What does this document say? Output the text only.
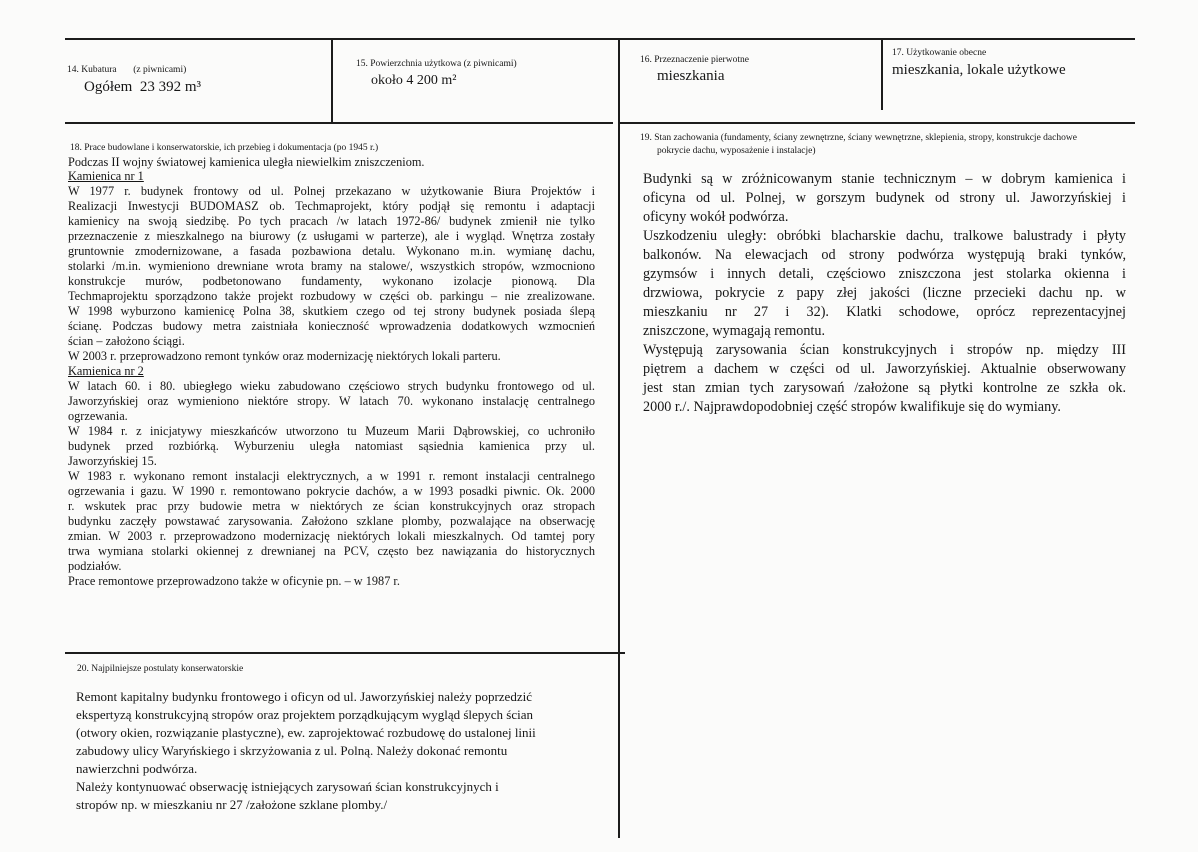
14. Kubatura (z piwnicami)
Ogółem 23 392 m³
15. Powierzchnia użytkowa (z piwnicami)
około 4 200 m²
16. Przeznaczenie pierwotne
mieszkania
17. Użytkowanie obecne
mieszkania, lokale użytkowe
18. Prace budowlane i konserwatorskie, ich przebieg i dokumentacja (po 1945 r.)
Podczas II wojny światowej kamienica uległa niewielkim zniszczeniom.
Kamienica nr 1
W 1977 r. budynek frontowy od ul. Polnej przekazano w użytkowanie Biura Projektów i
Realizacji Inwestycji BUDOMASZ ob. Techmaprojekt, który podjął się remontu i adaptacji
kamienicy na swoją siedzibę. Po tych pracach /w latach 1972-86/ budynek zmienił nie tylko
przeznaczenie z mieszkalnego na biurowy (z usługami w parterze), ale i wygląd. Wnętrza zostały
gruntownie zmodernizowane, a fasada pozbawiona detalu. Wykonano m.in. wymianę dachu,
stolarki /m.in. wymieniono drewniane wrota bramy na stalowe/, wszystkich stropów, wzmocniono
konstrukcje murów, podbetonowano fundamenty, wykonano izolacje pionową. Dla
Techmaprojektu sporządzono także projekt rozbudowy w części ob. parkingu – nie zrealizowane.
W 1998 wyburzono kamienicę Polna 38, skutkiem czego od tej strony budynek posiada ślepą
ścianę. Podczas budowy metra zaistniała konieczność wprowadzenia dodatkowych wzmocnień
ścian – założono ściągi.
W 2003 r. przeprowadzono remont tynków oraz modernizację niektórych lokali parteru.
Kamienica nr 2
W latach 60. i 80. ubiegłego wieku zabudowano częściowo strych budynku frontowego od ul.
Jaworzyńskiej oraz wymieniono niektóre stropy. W latach 70. wykonano instalację centralnego
ogrzewania.
W 1984 r. z inicjatywy mieszkańców utworzono tu Muzeum Marii Dąbrowskiej, co uchroniło
budynek przed rozbiórką. Wyburzeniu uległa natomiast sąsiednia kamienica przy ul.
Jaworzyńskiej 15.
W 1983 r. wykonano remont instalacji elektrycznych, a w 1991 r. remont instalacji centralnego
ogrzewania i gazu. W 1990 r. remontowano pokrycie dachów, a w 1993 posadki piwnic. Ok. 2000
r. wskutek prac przy budowie metra w niektórych ze ścian konstrukcyjnych oraz stropach
budynku zaczęły powstawać zarysowania. Założono szklane plomby, pozwalające na obserwację
zmian. W 2003 r. przeprowadzono modernizację niektórych lokali mieszkalnych. Od tamtej pory
trwa wymiana stolarki okiennej z drewnianej na PCV, często bez nawiązania do historycznych
podziałów.
Prace remontowe przeprowadzono także w oficynie pn. – w 1987 r.
19. Stan zachowania (fundamenty, ściany zewnętrzne, ściany wewnętrzne, sklepienia, stropy, konstrukcje dachowe
pokrycie dachu, wyposażenie i instalacje)
Budynki są w zróżnicowanym stanie technicznym – w dobrym kamienica i
oficyna od ul. Polnej, w gorszym budynek od strony ul. Jaworzyńskiej i
oficyny wokół podwórza.
Uszkodzeniu uległy: obróbki blacharskie dachu, tralkowe balustrady i płyty
balkonów. Na elewacjach od strony podwórza występują braki tynków,
gzymsów i innych detali, częściowo zniszczona jest stolarka okienna i
drzwiowa, pokrycie z papy złej jakości (liczne przecieki dachu np. w
mieszkaniu nr 27 i 32). Klatki schodowe, oprócz reprezentacyjnej
zniszczone, wymagają remontu.
Występują zarysowania ścian konstrukcyjnych i stropów np. między III
piętrem a dachem w części od ul. Jaworzyńskiej. Aktualnie obserwowany
jest stan zmian tych zarysowań /założone są płytki kontrolne ze szkła ok.
2000 r./. Najprawdopodobniej część stropów kwalifikuje się do wymiany.
20. Najpilniejsze postulaty konserwatorskie
Remont kapitalny budynku frontowego i oficyn od ul. Jaworzyńskiej należy poprzedzić
ekspertyzą konstrukcyjną stropów oraz projektem porządkującym wygląd ślepych ścian
(otwory okien, rozwiązanie plastyczne), ew. zaprojektować rozbudowę do ustalonej linii
zabudowy ulicy Waryńskiego i skrzyżowania z ul. Polną. Należy dokonać remontu
nawierzchni podwórza.
Należy kontynuować obserwację istniejących zarysowań ścian konstrukcyjnych i
stropów np. w mieszkaniu nr 27 /założone szklane plomby./
